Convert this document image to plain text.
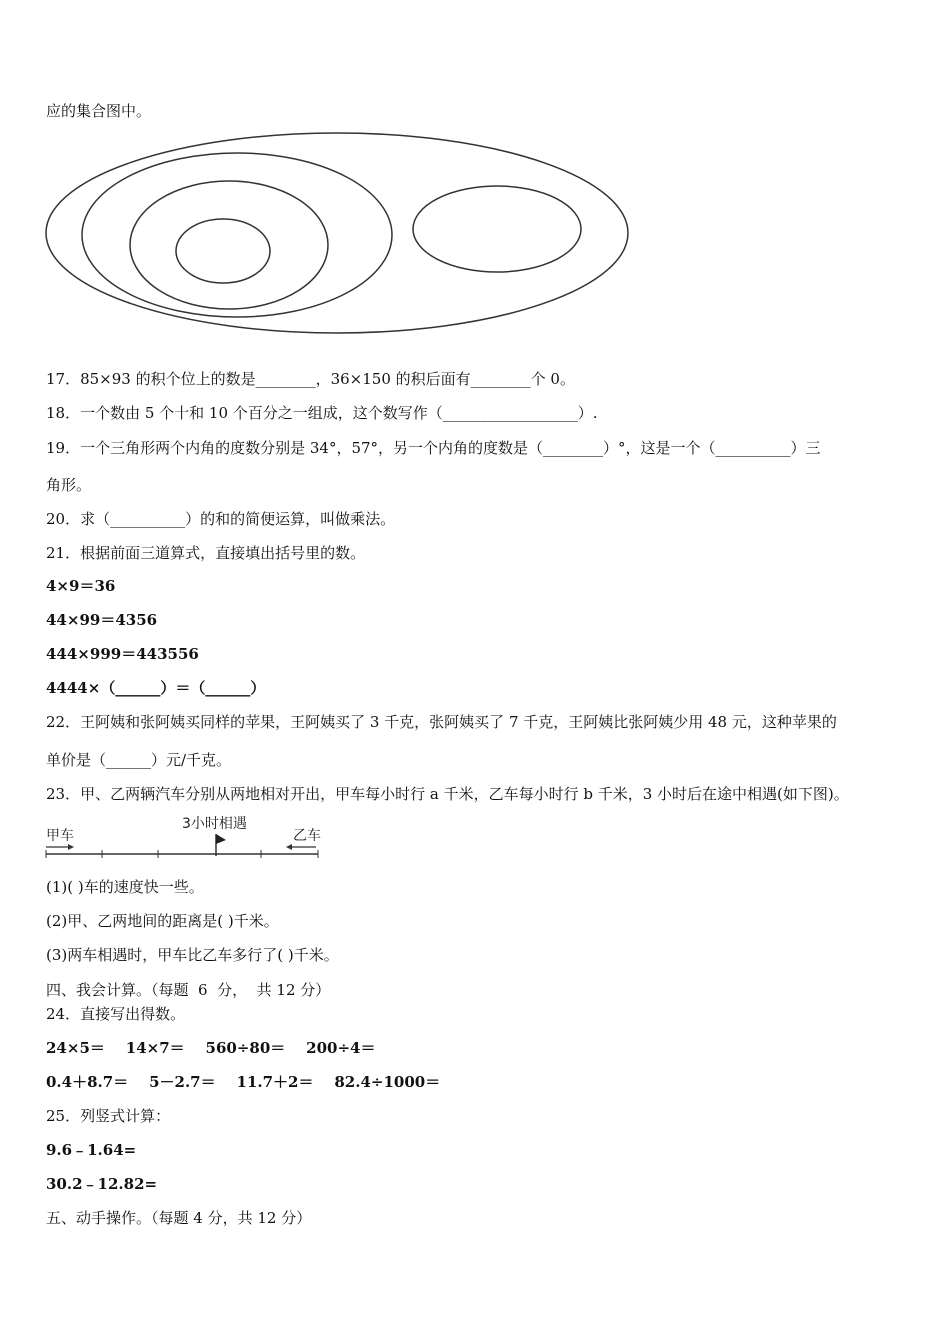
应的集合图中。
17．85×93 的积个位上的数是________，36×150 的积后面有________个 0。
18．一个数由 5 个十和 10 个百分之一组成，这个数写作（__________________）.
19．一个三角形两个内角的度数分别是 34°，57°，另一个内角的度数是（________）°，这是一个（__________）三
角形。
20．求（__________）的和的简便运算，叫做乘法。
21．根据前面三道算式，直接填出括号里的数。
4×9＝36
44×99＝4356
444×999＝443556
4444×（______）＝（______）
22．王阿姨和张阿姨买同样的苹果，王阿姨买了 3 千克，张阿姨买了 7 千克，王阿姨比张阿姨少用 48 元，这种苹果的
单价是（______）元/千克。
23．甲、乙两辆汽车分别从两地相对开出，甲车每小时行 a 千米，乙车每小时行 b 千米，3 小时后在途中相遇(如下图)。
甲车
3小时相遇
乙车
(1)( )车的速度快一些。
(2)甲、乙两地间的距离是( )千米。
(3)两车相遇时，甲车比乙车多行了( )千米。
四、我会计算。（每题  6  分，  共 12 分）
24．直接写出得数。
24×5＝    14×7＝    560÷80＝    200÷4＝
0.4＋8.7＝    5－2.7＝    11.7＋2＝    82.4÷1000＝
25．列竖式计算：
9.6﹣1.64=
30.2﹣12.82=
五、动手操作。（每题 4 分，共 12 分）
